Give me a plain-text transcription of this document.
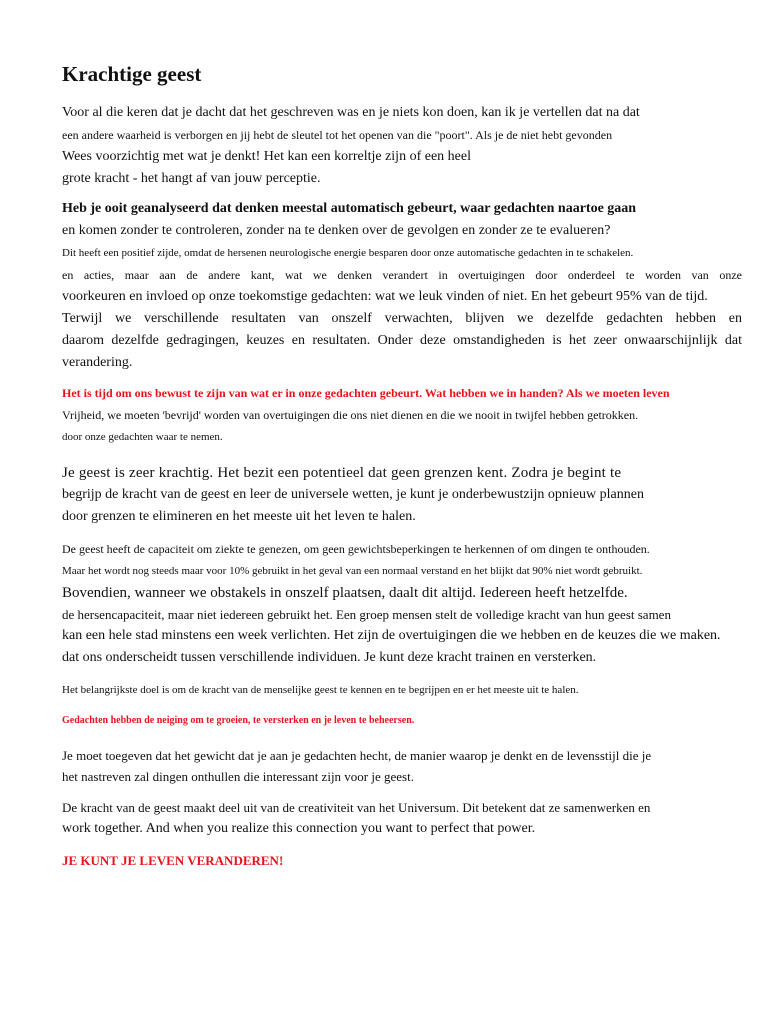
Krachtige geest
Voor al die keren dat je dacht dat het geschreven was en je niets kon doen, kan ik je vertellen dat na dat
een andere waarheid is verborgen en jij hebt de sleutel tot het openen van die "poort". Als je de niet hebt gevonden
Wees voorzichtig met wat je denkt! Het kan een korreltje zijn of een heel
grote kracht - het hangt af van jouw perceptie.
Heb je ooit geanalyseerd dat denken meestal automatisch gebeurt, waar gedachten naartoe gaan
en komen zonder te controleren, zonder na te denken over de gevolgen en zonder ze te evalueren?
Dit heeft een positief zijde, omdat de hersenen neurologische energie besparen door onze automatische gedachten in te schakelen.
en acties, maar aan de andere kant, wat we denken verandert in overtuigingen door onderdeel te worden van onze
voorkeuren en invloed op onze toekomstige gedachten: wat we leuk vinden of niet. En het gebeurt 95% van de tijd.
Terwijl we verschillende resultaten van onszelf verwachten, blijven we dezelfde gedachten hebben en
daarom dezelfde gedragingen, keuzes en resultaten. Onder deze omstandigheden is het zeer onwaarschijnlijk dat
verandering.
Het is tijd om ons bewust te zijn van wat er in onze gedachten gebeurt. Wat hebben we in handen? Als we moeten leven
Vrijheid, we moeten 'bevrijd' worden van overtuigingen die ons niet dienen en die we nooit in twijfel hebben getrokken.
door onze gedachten waar te nemen.
Je geest is zeer krachtig. Het bezit een potentieel dat geen grenzen kent. Zodra je begint te
begrijp de kracht van de geest en leer de universele wetten, je kunt je onderbewustzijn opnieuw plannen
door grenzen te elimineren en het meeste uit het leven te halen.
De geest heeft de capaciteit om ziekte te genezen, om geen gewichtsbeperkingen te herkennen of om dingen te onthouden.
Maar het wordt nog steeds maar voor 10% gebruikt in het geval van een normaal verstand en het blijkt dat 90% niet wordt gebruikt.
Bovendien, wanneer we obstakels in onszelf plaatsen, daalt dit altijd. Iedereen heeft hetzelfde.
de hersencapaciteit, maar niet iedereen gebruikt het. Een groep mensen stelt de volledige kracht van hun geest samen
kan een hele stad minstens een week verlichten. Het zijn de overtuigingen die we hebben en de keuzes die we maken.
dat ons onderscheidt tussen verschillende individuen. Je kunt deze kracht trainen en versterken.
Het belangrijkste doel is om de kracht van de menselijke geest te kennen en te begrijpen en er het meeste uit te halen.
Gedachten hebben de neiging om te groeien, te versterken en je leven te beheersen.
Je moet toegeven dat het gewicht dat je aan je gedachten hecht, de manier waarop je denkt en de levensstijl die je
het nastreven zal dingen onthullen die interessant zijn voor je geest.
De kracht van de geest maakt deel uit van de creativiteit van het Universum. Dit betekent dat ze samenwerken en
work together. And when you realize this connection you want to perfect that power.
JE KUNT JE LEVEN VERANDEREN!
